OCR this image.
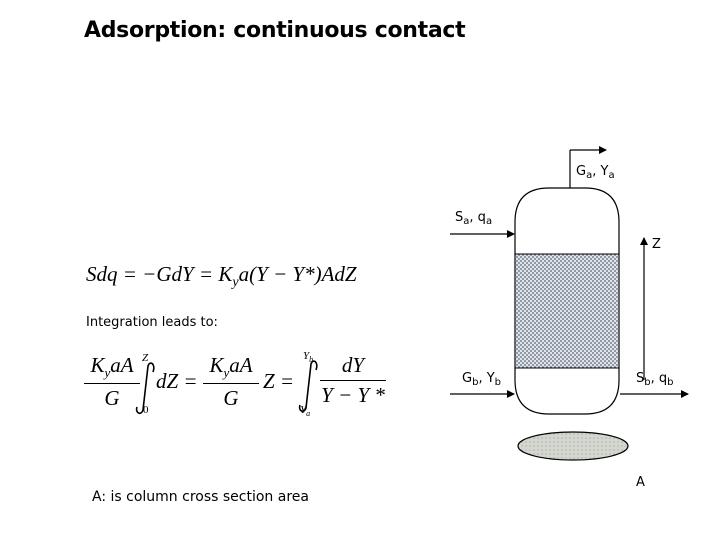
Adsorption: continuous contact
$G_a$, $Y_a$
$S_a$, $q_a$
Z
$G_b$, $Y_b$	$S_b$, $q_b$
A
Sdq = $-GdY = K_ya(Y - Y*)AdZ$
Integration leads to:
$K_yaA$
G
Z
0
dZ =
$K_yaA$
G
Z =
$Y_b$
$Y_a$
dY
Y − Y *
A: is column cross section area
